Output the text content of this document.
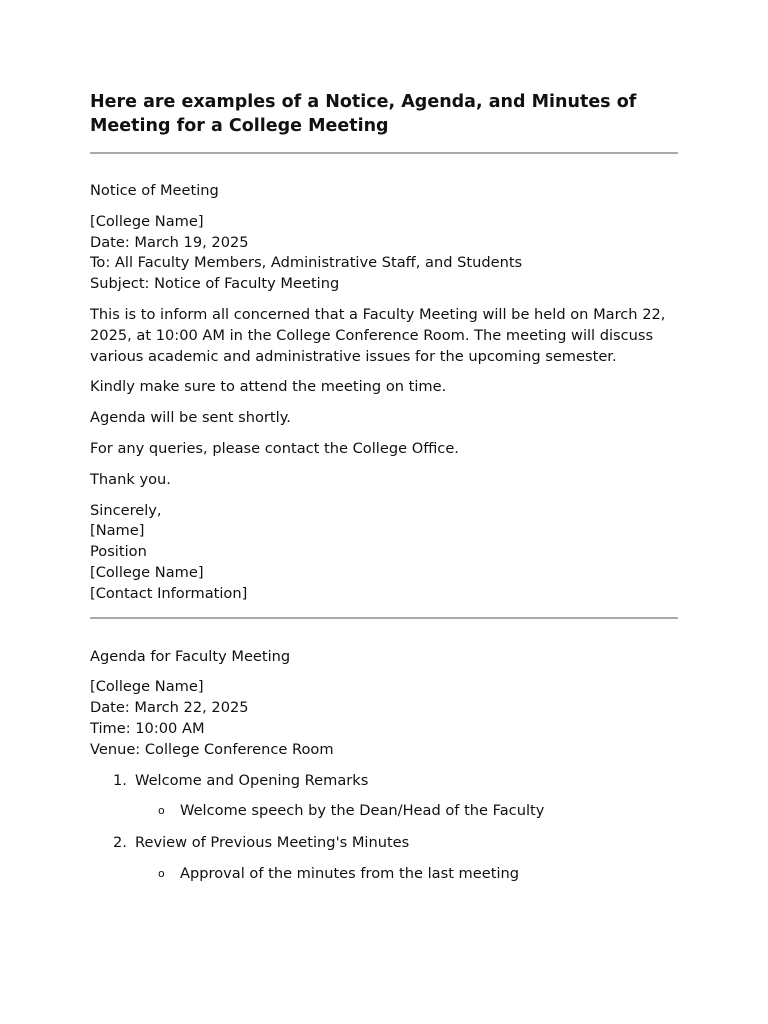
Here are examples of a Notice, Agenda, and Minutes of Meeting for a College Meeting

Notice of Meeting

[College Name]

Date: March 19, 2025

To: All Faculty Members, Administrative Staff, and Students

Subject: Notice of Faculty Meeting

This is to inform all concerned that a Faculty Meeting will be held on March 22, 2025, at 10:00 AM in the College Conference Room. The meeting will discuss various academic and administrative issues for the upcoming semester.

Kindly make sure to attend the meeting on time.

Agenda will be sent shortly.

For any queries, please contact the College Office.

Thank you.

Sincerely,

[Name]

Position

[College Name]

[Contact Information]

Agenda for Faculty Meeting

[College Name]

Date: March 22, 2025

Time: 10:00 AM

Venue: College Conference Room

1. Welcome and Opening Remarks
o	Welcome speech by the Dean/Head of the Faculty
2. Review of Previous Meeting's Minutes
o	Approval of the minutes from the last meeting
